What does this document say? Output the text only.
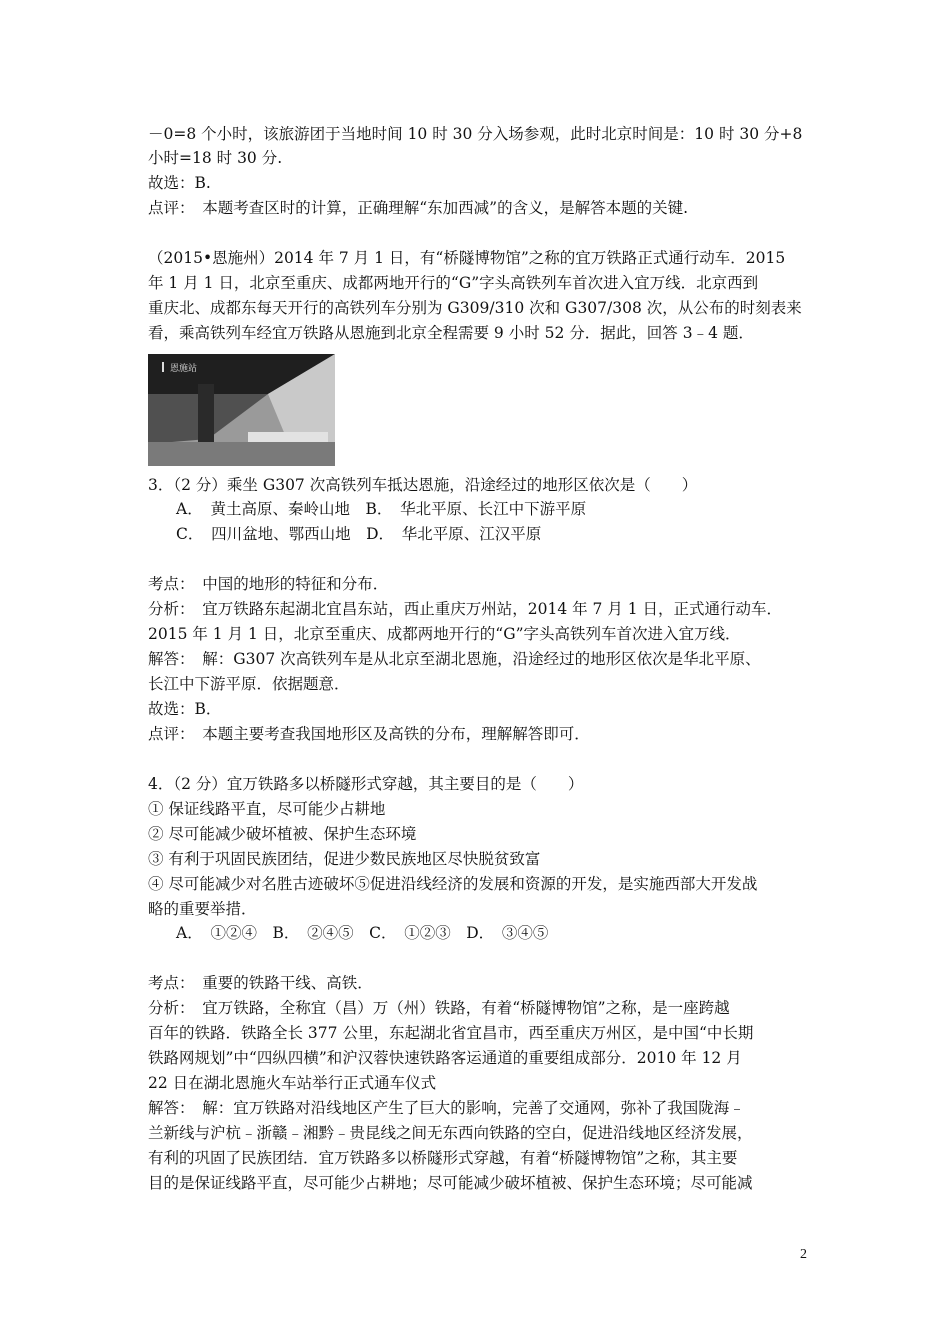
－0=8 个小时，该旅游团于当地时间 10 时 30 分入场参观，此时北京时间是：10 时 30 分+8
小时=18 时 30 分.
故选：B.
点评：　本题考查区时的计算，正确理解“东加西减”的含义，是解答本题的关键.
（2015•恩施州）2014 年 7 月 1 日，有“桥隧博物馆”之称的宜万铁路正式通行动车．2015
年 1 月 1 日，北京至重庆、成都两地开行的“G”字头高铁列车首次进入宜万线．北京西到
重庆北、成都东每天开行的高铁列车分别为 G309/310 次和 G307/308 次，从公布的时刻表来
看，乘高铁列车经宜万铁路从恩施到北京全程需要 9 小时 52 分．据此，回答 3﹣4 题．
恩施站
3．（2 分）乘坐 G307 次高铁列车抵达恩施，沿途经过的地形区依次是（　　）
A．　黄土高原、秦岭山地　B．　华北平原、长江中下游平原
C．　四川盆地、鄂西山地　D．　华北平原、江汉平原
考点：　中国的地形的特征和分布．
分析：　宜万铁路东起湖北宜昌东站，西止重庆万州站，2014 年 7 月 1 日，正式通行动车．
2015 年 1 月 1 日，北京至重庆、成都两地开行的“G”字头高铁列车首次进入宜万线．
解答：　解：G307 次高铁列车是从北京至湖北恩施，沿途经过的地形区依次是华北平原、
长江中下游平原．依据题意．
故选：B．
点评：　本题主要考查我国地形区及高铁的分布，理解解答即可．
4．（2 分）宜万铁路多以桥隧形式穿越，其主要目的是（　　）
① 保证线路平直，尽可能少占耕地
② 尽可能减少破坏植被、保护生态环境
③ 有利于巩固民族团结，促进少数民族地区尽快脱贫致富
④ 尽可能减少对名胜古迹破坏⑤促进沿线经济的发展和资源的开发，是实施西部大开发战
略的重要举措．
A．　①②④　B．　②④⑤　C．　①②③　D．　③④⑤
考点：　重要的铁路干线、高铁．
分析：　宜万铁路，全称宜（昌）万（州）铁路，有着“桥隧博物馆”之称，是一座跨越
百年的铁路．铁路全长 377 公里，东起湖北省宜昌市，西至重庆万州区，是中国“中长期
铁路网规划”中“四纵四横”和沪汉蓉快速铁路客运通道的重要组成部分．2010 年 12 月
22 日在湖北恩施火车站举行正式通车仪式
解答：　解：宜万铁路对沿线地区产生了巨大的影响，完善了交通网，弥补了我国陇海﹣
兰新线与沪杭﹣浙赣﹣湘黔﹣贵昆线之间无东西向铁路的空白，促进沿线地区经济发展，
有利的巩固了民族团结．宜万铁路多以桥隧形式穿越，有着“桥隧博物馆”之称，其主要
目的是保证线路平直，尽可能少占耕地；尽可能减少破坏植被、保护生态环境；尽可能减
2
